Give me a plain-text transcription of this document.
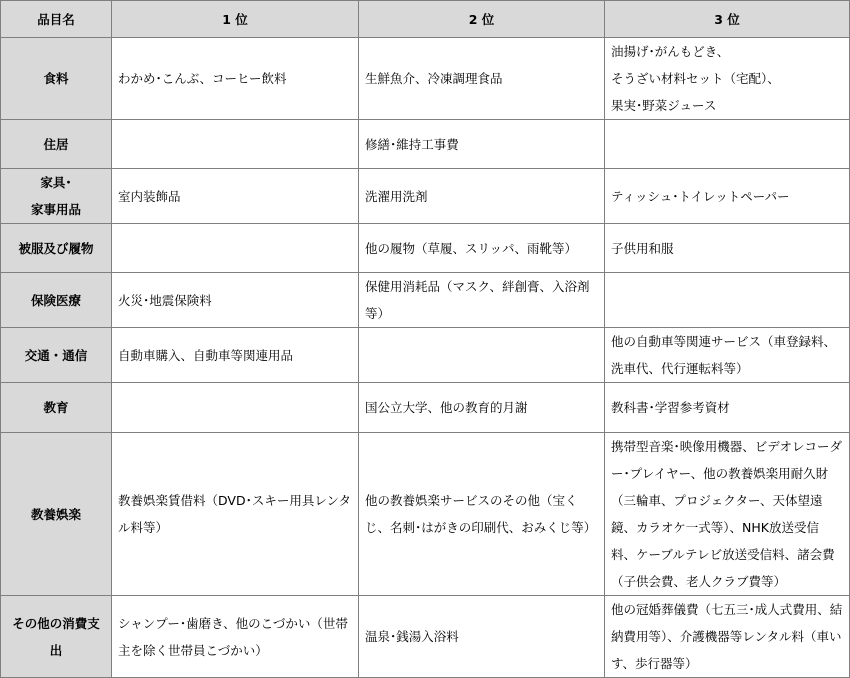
品目名	1 位	2 位	3 位
食料	わかめ･こんぶ、コーヒー飲料	生鮮魚介、冷凍調理食品	油揚げ･がんもどき、
そうざい材料セット（宅配）、
果実･野菜ジュース
住居		修繕･維持工事費	
家具･
家事用品	室内装飾品	洗濯用洗剤	ティッシュ･トイレットペーパー
被服及び履物		他の履物（草履、スリッパ、雨靴等）	子供用和服
保険医療	火災･地震保険料	保健用消耗品（マスク、絆創膏、入浴剤等）	
交通・通信	自動車購入、自動車等関連用品		他の自動車等関連サービス（車登録料、洗車代、代行運転料等）
教育		国公立大学、他の教育的月謝	教科書･学習参考資材
教養娯楽	教養娯楽賃借料（DVD･スキー用具レンタル料等）	他の教養娯楽サービスのその他（宝くじ、名刺･はがきの印刷代、おみくじ等）	携帯型音楽･映像用機器、ビデオレコーダー･プレイヤー、他の教養娯楽用耐久財（三輪車、プロジェクター、天体望遠鏡、カラオケ一式等）、NHK放送受信料、ケーブルテレビ放送受信料、諸会費（子供会費、老人クラブ費等）
その他の消費支出	シャンプー･歯磨き、他のこづかい（世帯主を除く世帯員こづかい）	温泉･銭湯入浴料	他の冠婚葬儀費（七五三･成人式費用、結納費用等）、介護機器等レンタル料（車いす、歩行器等）
